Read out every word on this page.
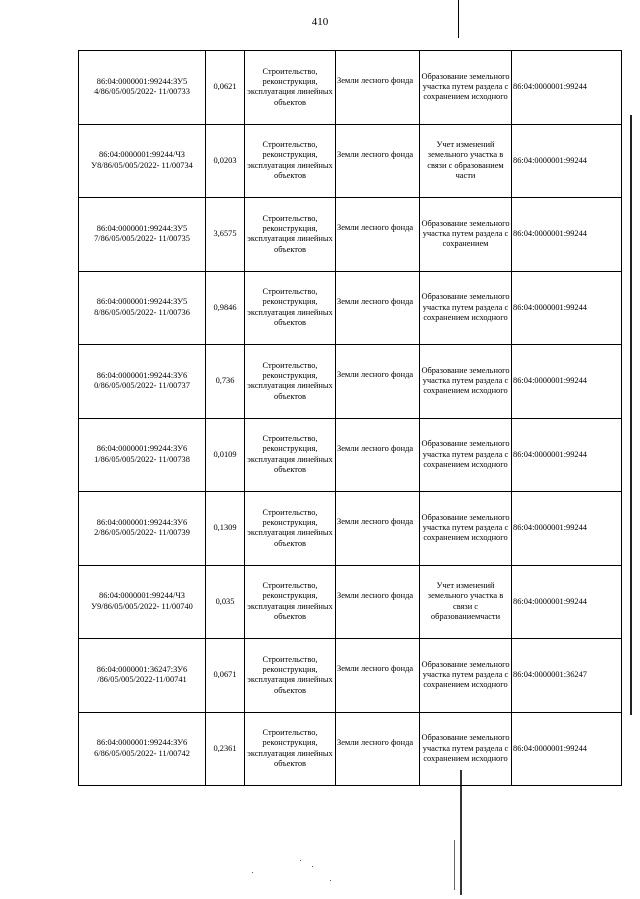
410
86:04:0000001:99244:ЗУ5 4/86/05/005/2022- 11/00733	0,0621	Строительство, реконструкция, эксплуатация линейных объектов	Земли лесного фонда	Образование земельного участка путем раздела с сохранением исходного	86:04:0000001:99244
86:04:0000001:99244/ЧЗ У8/86/05/005/2022- 11/00734	0,0203	Строительство, реконструкция, эксплуатация линейных объектов	Земли лесного фонда	Учет изменений земельного участка в связи с образованием части	86:04:0000001:99244
86:04:0000001:99244:ЗУ5 7/86/05/005/2022- 11/00735	3,6575	Строительство, реконструкция, эксплуатация линейных объектов	Земли лесного фонда	Образование земельного участка путем раздела с сохранением	86:04:0000001:99244
86:04:0000001:99244:ЗУ5 8/86/05/005/2022- 11/00736	0,9846	Строительство, реконструкция, эксплуатация линейных объектов	Земли лесного фонда	Образование земельного участка путем раздела с сохранением исходного	86:04:0000001:99244
86:04:0000001:99244:ЗУ6 0/86/05/005/2022- 11/00737	0,736	Строительство, реконструкция, эксплуатация линейных объектов	Земли лесного фонда	Образование земельного участка путем раздела с сохранением исходного	86:04:0000001:99244
86:04:0000001:99244:ЗУ6 1/86/05/005/2022- 11/00738	0,0109	Строительство, реконструкция, эксплуатация линейных объектов	Земли лесного фонда	Образование земельного участка путем раздела с сохранением исходного	86:04:0000001:99244
86:04:0000001:99244:ЗУ6 2/86/05/005/2022- 11/00739	0,1309	Строительство, реконструкция, эксплуатация линейных объектов	Земли лесного фонда	Образование земельного участка путем раздела с сохранением исходного	86:04:0000001:99244
86:04:0000001:99244/ЧЗ У9/86/05/005/2022- 11/00740	0,035	Строительство, реконструкция, эксплуатация линейных объектов	Земли лесного фонда	Учет изменений земельного участка в связи с образованиемчасти	86:04:0000001:99244
86:04:0000001:36247:ЗУ6 /86/05/005/2022-11/00741	0,0671	Строительство, реконструкция, эксплуатация линейных объектов	Земли лесного фонда	Образование земельного участка путем раздела с сохранением исходного	86:04:0000001:36247
86:04:0000001:99244:ЗУ6 6/86/05/005/2022- 11/00742	0,2361	Строительство, реконструкция, эксплуатация линейных объектов	Земли лесного фонда	Образование земельного участка путем раздела с сохранением исходного	86:04:0000001:99244
